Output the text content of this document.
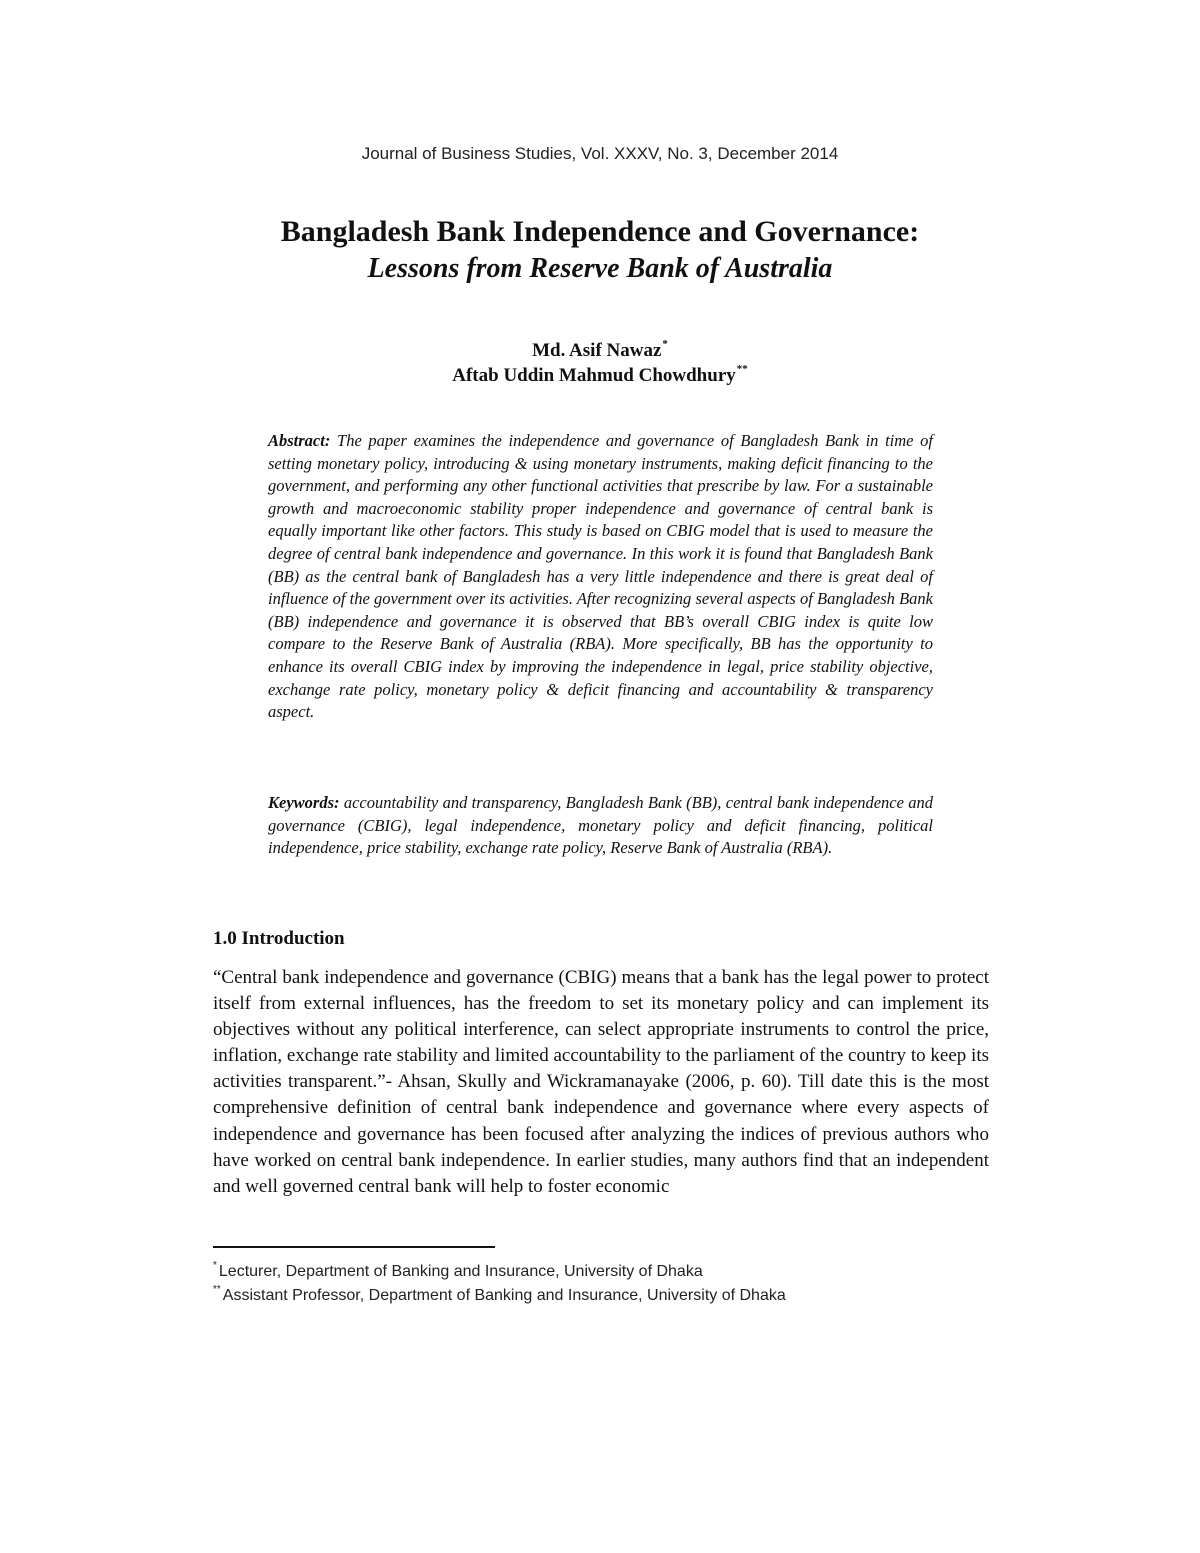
Journal of Business Studies, Vol. XXXV, No. 3, December 2014
Bangladesh Bank Independence and Governance:
Lessons from Reserve Bank of Australia
Md. Asif Nawaz*
Aftab Uddin Mahmud Chowdhury**

Abstract: The paper examines the independence and governance of Bangladesh Bank in time of setting monetary policy, introducing & using monetary instruments, making deficit financing to the government, and performing any other functional activities that prescribe by law. For a sustainable growth and macroeconomic stability proper independence and governance of central bank is equally important like other factors. This study is based on CBIG model that is used to measure the degree of central bank independence and governance. In this work it is found that Bangladesh Bank (BB) as the central bank of Bangladesh has a very little independence and there is great deal of influence of the government over its activities. After recognizing several aspects of Bangladesh Bank (BB) independence and governance it is observed that BB’s overall CBIG index is quite low compare to the Reserve Bank of Australia (RBA). More specifically, BB has the opportunity to enhance its overall CBIG index by improving the independence in legal, price stability objective, exchange rate policy, monetary policy & deficit financing and accountability & transparency aspect.

Keywords: accountability and transparency, Bangladesh Bank (BB), central bank independence and governance (CBIG), legal independence, monetary policy and deficit financing, political independence, price stability, exchange rate policy, Reserve Bank of Australia (RBA).

1.0 Introduction

“Central bank independence and governance (CBIG) means that a bank has the legal power to protect itself from external influences, has the freedom to set its monetary policy and can implement its objectives without any political interference, can select appropriate instruments to control the price, inflation, exchange rate stability and limited accountability to the parliament of the country to keep its activities transparent.”- Ahsan, Skully and Wickramanayake (2006, p. 60). Till date this is the most comprehensive definition of central bank independence and governance where every aspects of independence and governance has been focused after analyzing the indices of previous authors who have worked on central bank independence. In earlier studies, many authors find that an independent and well governed central bank will help to foster economic

* Lecturer, Department of Banking and Insurance, University of Dhaka
** Assistant Professor, Department of Banking and Insurance, University of Dhaka
